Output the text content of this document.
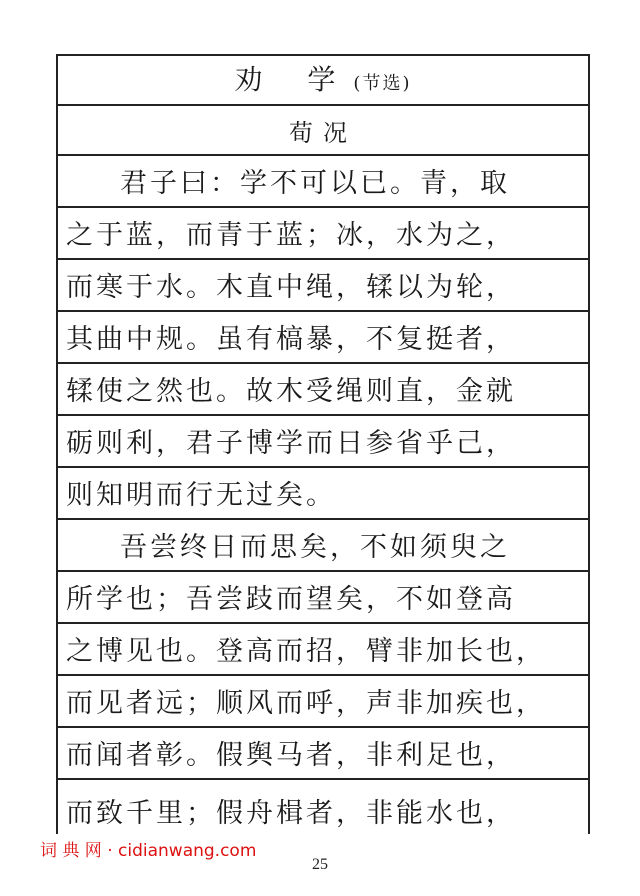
劝 学(节选)
荀况
君子曰：学不可以已。青，取
之于蓝，而青于蓝；冰，水为之，
而寒于水。木直中绳，𫐓以为轮，
其曲中规。虽有槁暴，不复挺者，
𫐓使之然也。故木受绳则直，金就
砺则利，君子博学而日参省乎己，
则知明而行无过矣。
吾尝终日而思矣，不如须臾之
所学也；吾尝跂而望矣，不如登高
之博见也。登高而招，臂非加长也，
而见者远；顺风而呼，声非加疾也，
而闻者彰。假舆马者，非利足也，
而致千里；假舟楫者，非能水也，
词 典 网 · cidianwang.com
25
